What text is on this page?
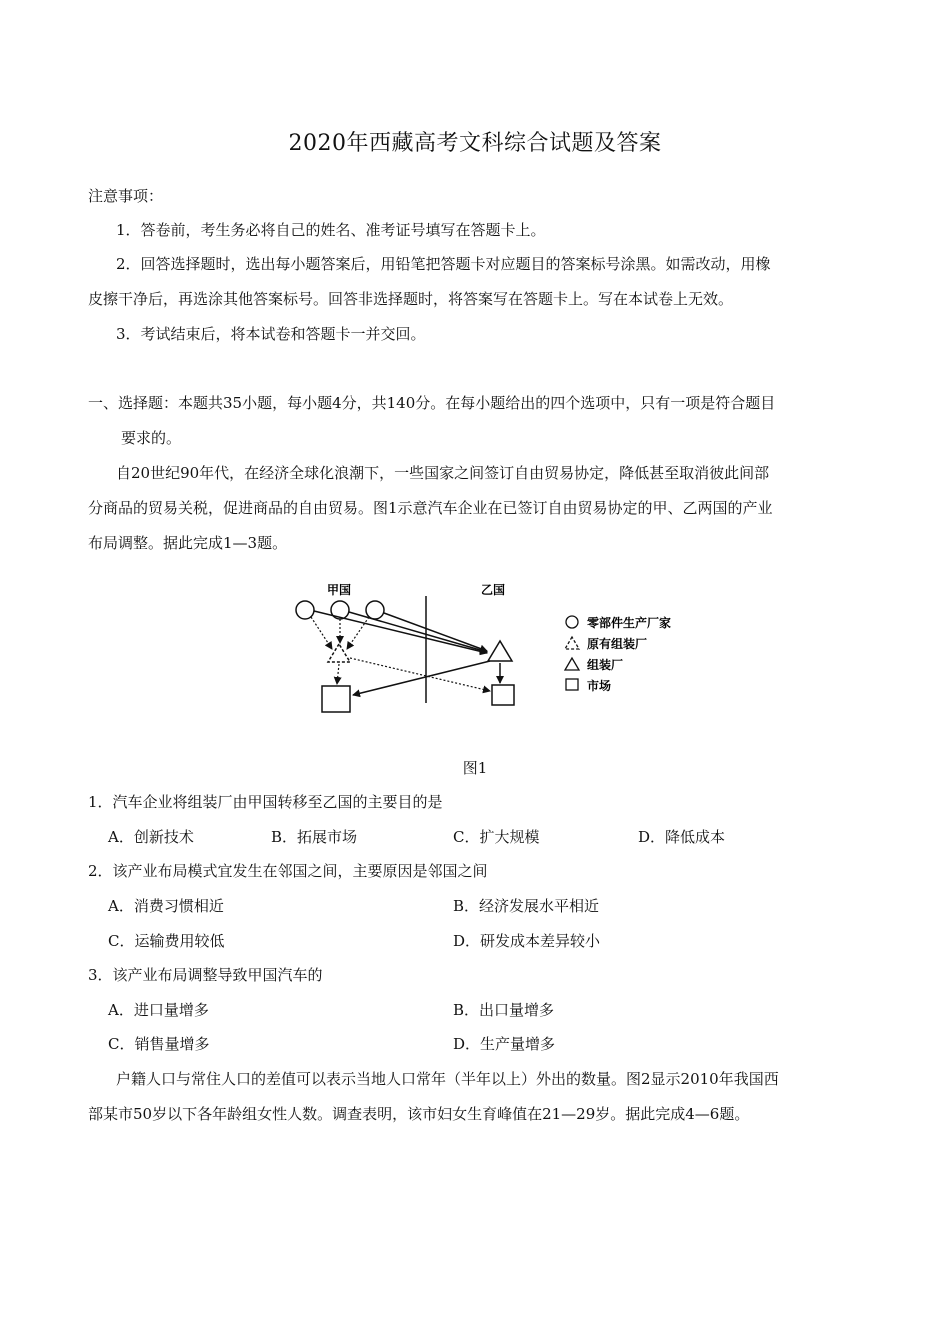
2020年西藏高考文科综合试题及答案
注意事项：
1．答卷前，考生务必将自己的姓名、准考证号填写在答题卡上。
2．回答选择题时，选出每小题答案后，用铅笔把答题卡对应题目的答案标号涂黑。如需改动，用橡
皮擦干净后，再选涂其他答案标号。回答非选择题时，将答案写在答题卡上。写在本试卷上无效。
3．考试结束后，将本试卷和答题卡一并交回。
一、选择题：本题共35小题，每小题4分，共140分。在每小题给出的四个选项中，只有一项是符合题目
要求的。
自20世纪90年代，在经济全球化浪潮下，一些国家之间签订自由贸易协定，降低甚至取消彼此间部
分商品的贸易关税，促进商品的自由贸易。图1示意汽车企业在已签订自由贸易协定的甲、乙两国的产业
布局调整。据此完成1—3题。
甲国	乙国
零部件生产厂家
原有组装厂
组装厂
市场
图1
1．汽车企业将组装厂由甲国转移至乙国的主要目的是
A．创新技术	B．拓展市场	C．扩大规模	D．降低成本
2．该产业布局模式宜发生在邻国之间，主要原因是邻国之间
A．消费习惯相近	B．经济发展水平相近
C．运输费用较低	D．研发成本差异较小
3．该产业布局调整导致甲国汽车的
A．进口量增多	B．出口量增多
C．销售量增多	D．生产量增多
户籍人口与常住人口的差值可以表示当地人口常年（半年以上）外出的数量。图2显示2010年我国西
部某市50岁以下各年龄组女性人数。调查表明，该市妇女生育峰值在21—29岁。据此完成4—6题。
